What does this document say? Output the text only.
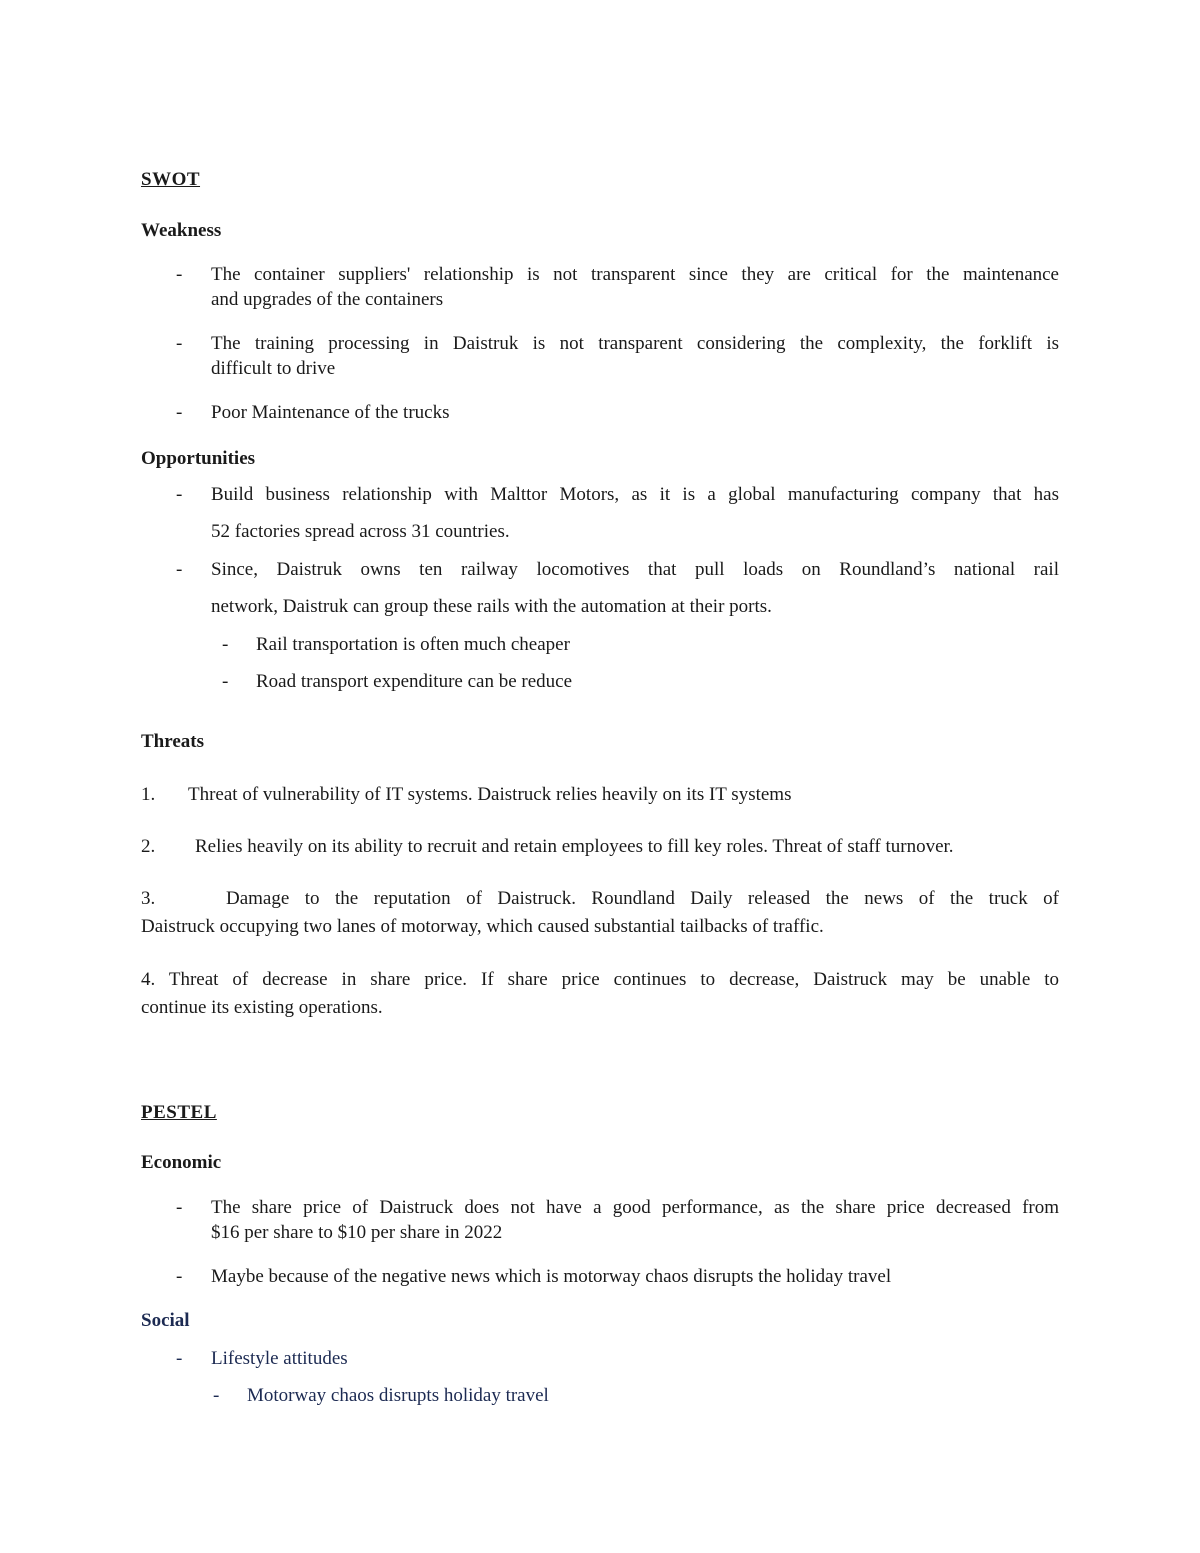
SWOT
Weakness
- The container suppliers' relationship is not transparent since they are critical for the maintenance
and upgrades of the containers
- The training processing in Daistruk is not transparent considering the complexity, the forklift is
difficult to drive
- Poor Maintenance of the trucks
Opportunities
- Build business relationship with Malttor Motors, as it is a global manufacturing company that has
52 factories spread across 31 countries.
- Since, Daistruk owns ten railway locomotives that pull loads on Roundland’s national rail
network, Daistruk can group these rails with the automation at their ports.
- Rail transportation is often much cheaper
- Road transport expenditure can be reduce
Threats
1. Threat of vulnerability of IT systems. Daistruck relies heavily on its IT systems
2. Relies heavily on its ability to recruit and retain employees to fill key roles. Threat of staff turnover.
3.	Damage to the reputation of Daistruck. Roundland Daily released the news of the truck of
Daistruck occupying two lanes of motorway, which caused substantial tailbacks of traffic.
4. Threat of decrease in share price. If share price continues to decrease, Daistruck may be unable to
continue its existing operations.
PESTEL
Economic
- The share price of Daistruck does not have a good performance, as the share price decreased from
$16 per share to $10 per share in 2022
- Maybe because of the negative news which is motorway chaos disrupts the holiday travel
Social
- Lifestyle attitudes
- Motorway chaos disrupts holiday travel
